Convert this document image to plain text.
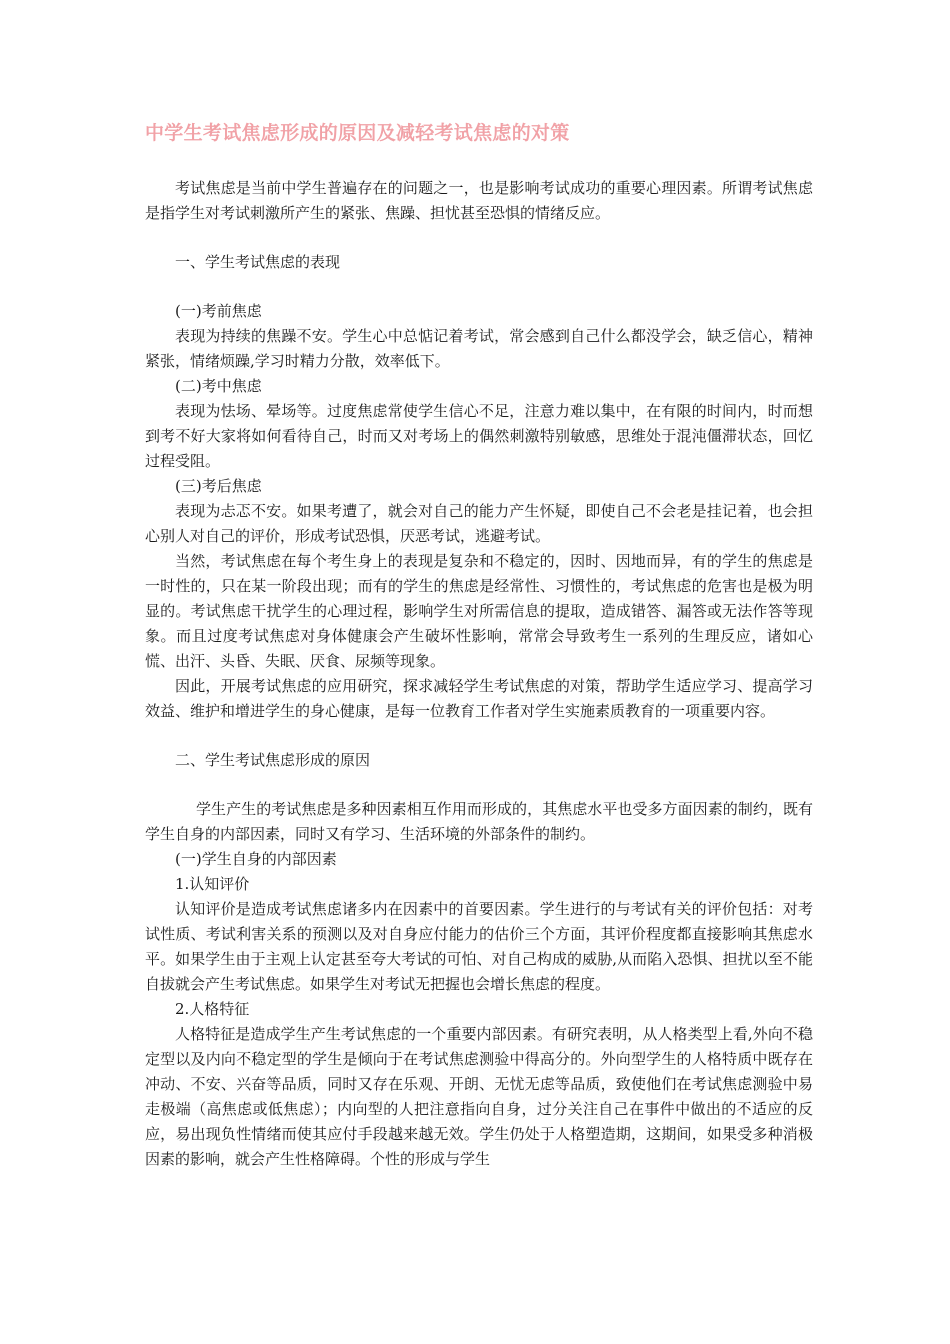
中学生考试焦虑形成的原因及减轻考试焦虑的对策

考试焦虑是当前中学生普遍存在的问题之一，也是影响考试成功的重要心理因素。所谓考试焦虑是指学生对考试刺激所产生的紧张、焦躁、担忧甚至恐惧的情绪反应。

一、学生考试焦虑的表现

(一)考前焦虑

表现为持续的焦躁不安。学生心中总惦记着考试，常会感到自己什么都没学会，缺乏信心，精神紧张，情绪烦躁,学习时精力分散，效率低下。

(二)考中焦虑

表现为怯场、晕场等。过度焦虑常使学生信心不足，注意力难以集中，在有限的时间内，时而想到考不好大家将如何看待自己，时而又对考场上的偶然刺激特别敏感，思维处于混沌僵滞状态，回忆过程受阻。

(三)考后焦虑

表现为忐忑不安。如果考遭了，就会对自己的能力产生怀疑，即使自己不会老是挂记着，也会担心别人对自己的评价，形成考试恐惧，厌恶考试，逃避考试。

当然，考试焦虑在每个考生身上的表现是复杂和不稳定的，因时、因地而异，有的学生的焦虑是一时性的，只在某一阶段出现；而有的学生的焦虑是经常性、习惯性的，考试焦虑的危害也是极为明显的。考试焦虑干扰学生的心理过程，影响学生对所需信息的提取，造成错答、漏答或无法作答等现象。而且过度考试焦虑对身体健康会产生破坏性影响，常常会导致考生一系列的生理反应，诸如心慌、出汗、头昏、失眠、厌食、尿频等现象。

因此，开展考试焦虑的应用研究，探求减轻学生考试焦虑的对策，帮助学生适应学习、提高学习效益、维护和增进学生的身心健康，是每一位教育工作者对学生实施素质教育的一项重要内容。

二、学生考试焦虑形成的原因

学生产生的考试焦虑是多种因素相互作用而形成的，其焦虑水平也受多方面因素的制约，既有学生自身的内部因素，同时又有学习、生活环境的外部条件的制约。

(一)学生自身的内部因素

1.认知评价

认知评价是造成考试焦虑诸多内在因素中的首要因素。学生进行的与考试有关的评价包括：对考试性质、考试利害关系的预测以及对自身应付能力的估价三个方面，其评价程度都直接影响其焦虑水平。如果学生由于主观上认定甚至夸大考试的可怕、对自己构成的威胁,从而陷入恐惧、担扰以至不能自拔就会产生考试焦虑。如果学生对考试无把握也会增长焦虑的程度。

2.人格特征

人格特征是造成学生产生考试焦虑的一个重要内部因素。有研究表明，从人格类型上看,外向不稳定型以及内向不稳定型的学生是倾向于在考试焦虑测验中得高分的。外向型学生的人格特质中既存在冲动、不安、兴奋等品质，同时又存在乐观、开朗、无忧无虑等品质，致使他们在考试焦虑测验中易走极端（高焦虑或低焦虑）；内向型的人把注意指向自身，过分关注自己在事件中做出的不适应的反应，易出现负性情绪而使其应付手段越来越无效。学生仍处于人格塑造期，这期间，如果受多种消极因素的影响，就会产生性格障碍。个性的形成与学生
